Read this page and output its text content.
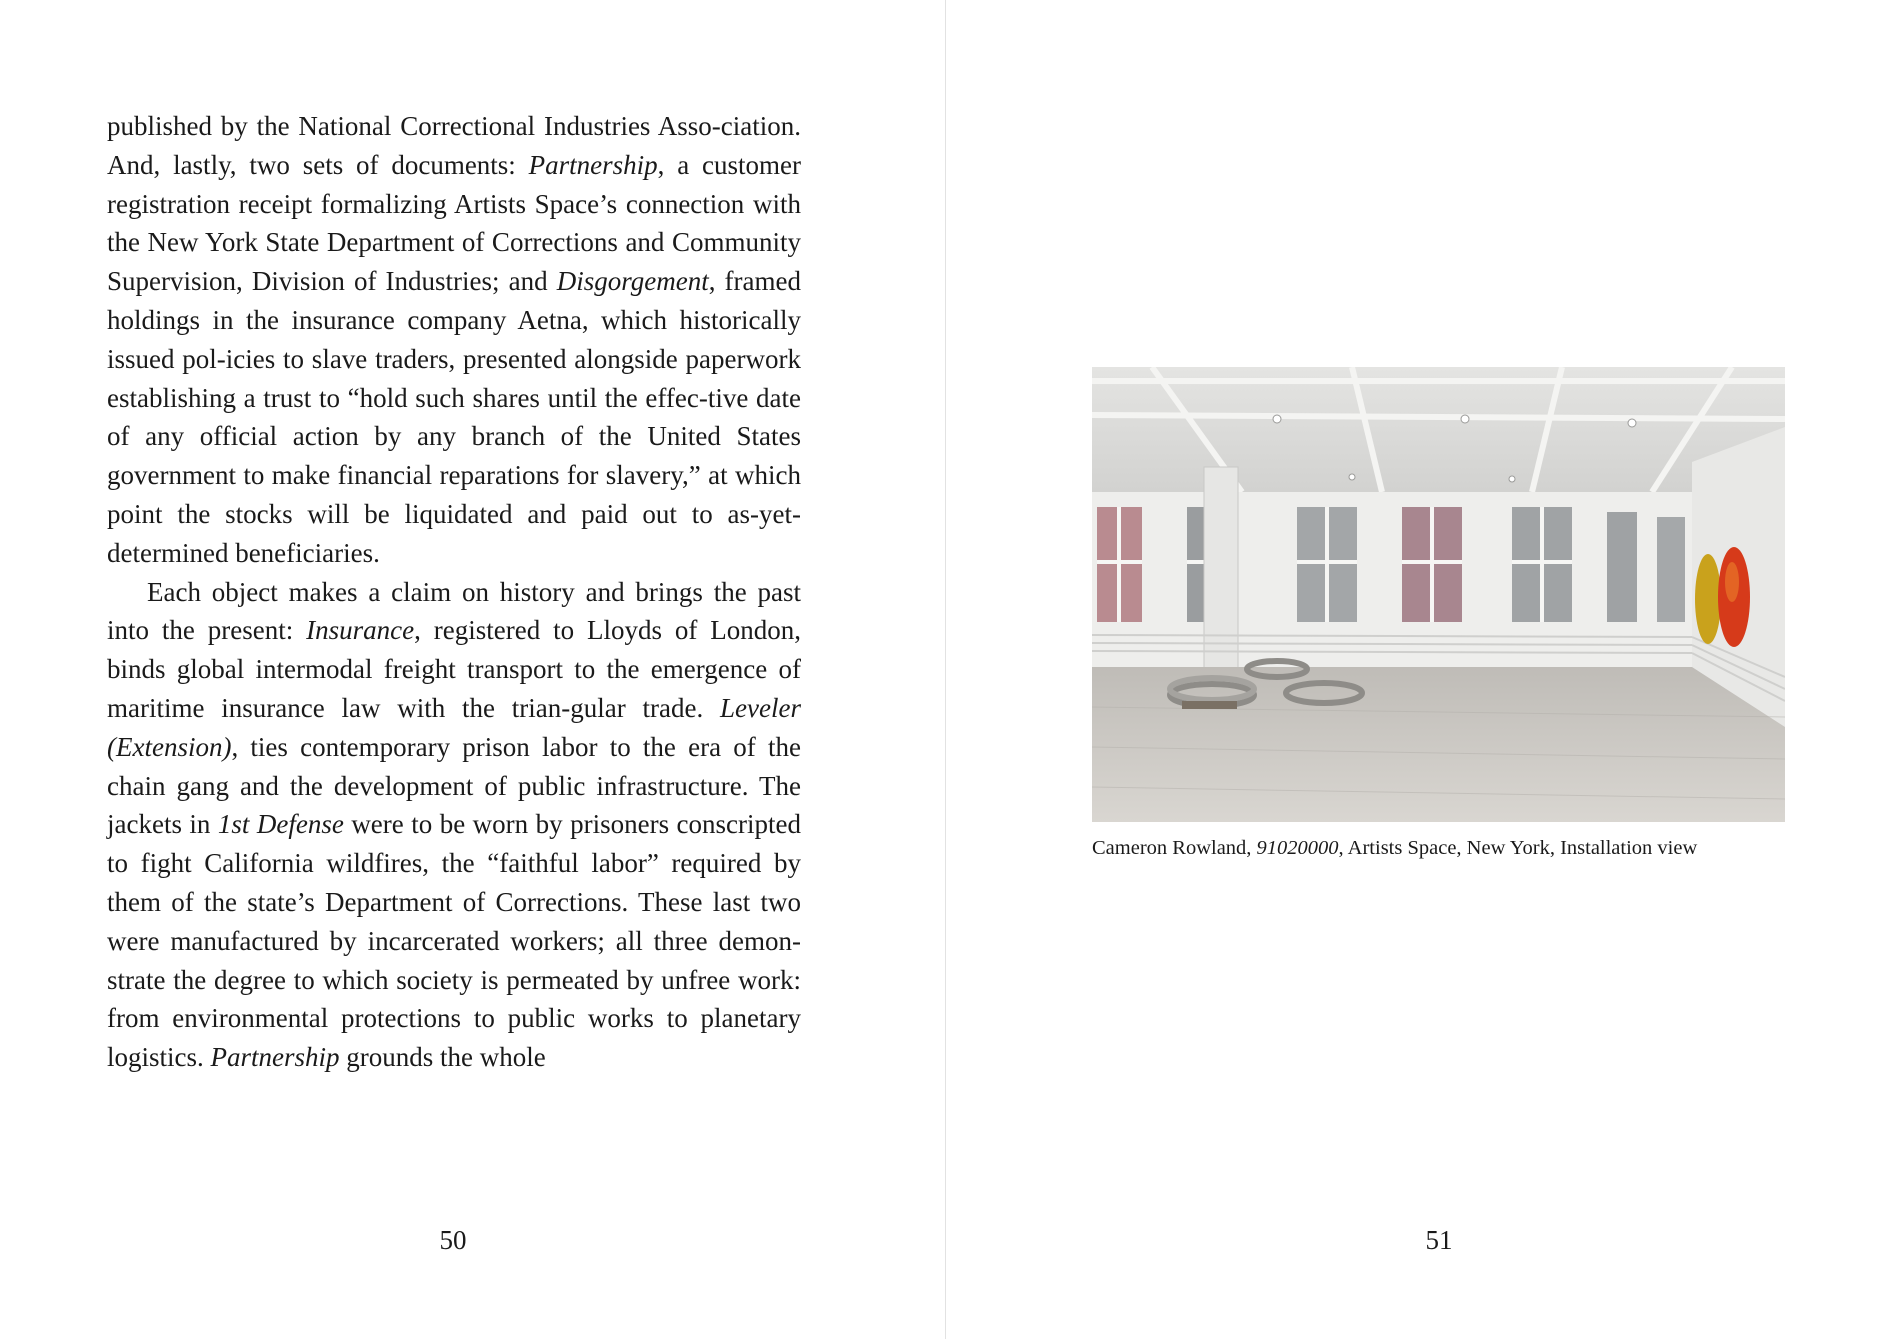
published by the National Correctional Industries Asso-ciation. And, lastly, two sets of documents: Partnership, a customer registration receipt formalizing Artists Space’s connection with the New York State Department of Corrections and Community Supervision, Division of Industries; and Disgorgement, framed holdings in the insurance company Aetna, which historically issued pol-icies to slave traders, presented alongside paperwork establishing a trust to “hold such shares until the effec-tive date of any official action by any branch of the United States government to make financial reparations for slavery,” at which point the stocks will be liquidated and paid out to as-yet-determined beneficiaries.

Each object makes a claim on history and brings the past into the present: Insurance, registered to Lloyds of London, binds global intermodal freight transport to the emergence of maritime insurance law with the trian-gular trade. Leveler (Extension), ties contemporary prison labor to the era of the chain gang and the development of public infrastructure. The jackets in 1st Defense were to be worn by prisoners conscripted to fight California wildfires, the “faithful labor” required by them of the state’s Department of Corrections. These last two were manufactured by incarcerated workers; all three demon-strate the degree to which society is permeated by unfree work: from environmental protections to public works to planetary logistics. Partnership grounds the whole

50
Cameron Rowland, 91020000, Artists Space, New York, Installation view
51
